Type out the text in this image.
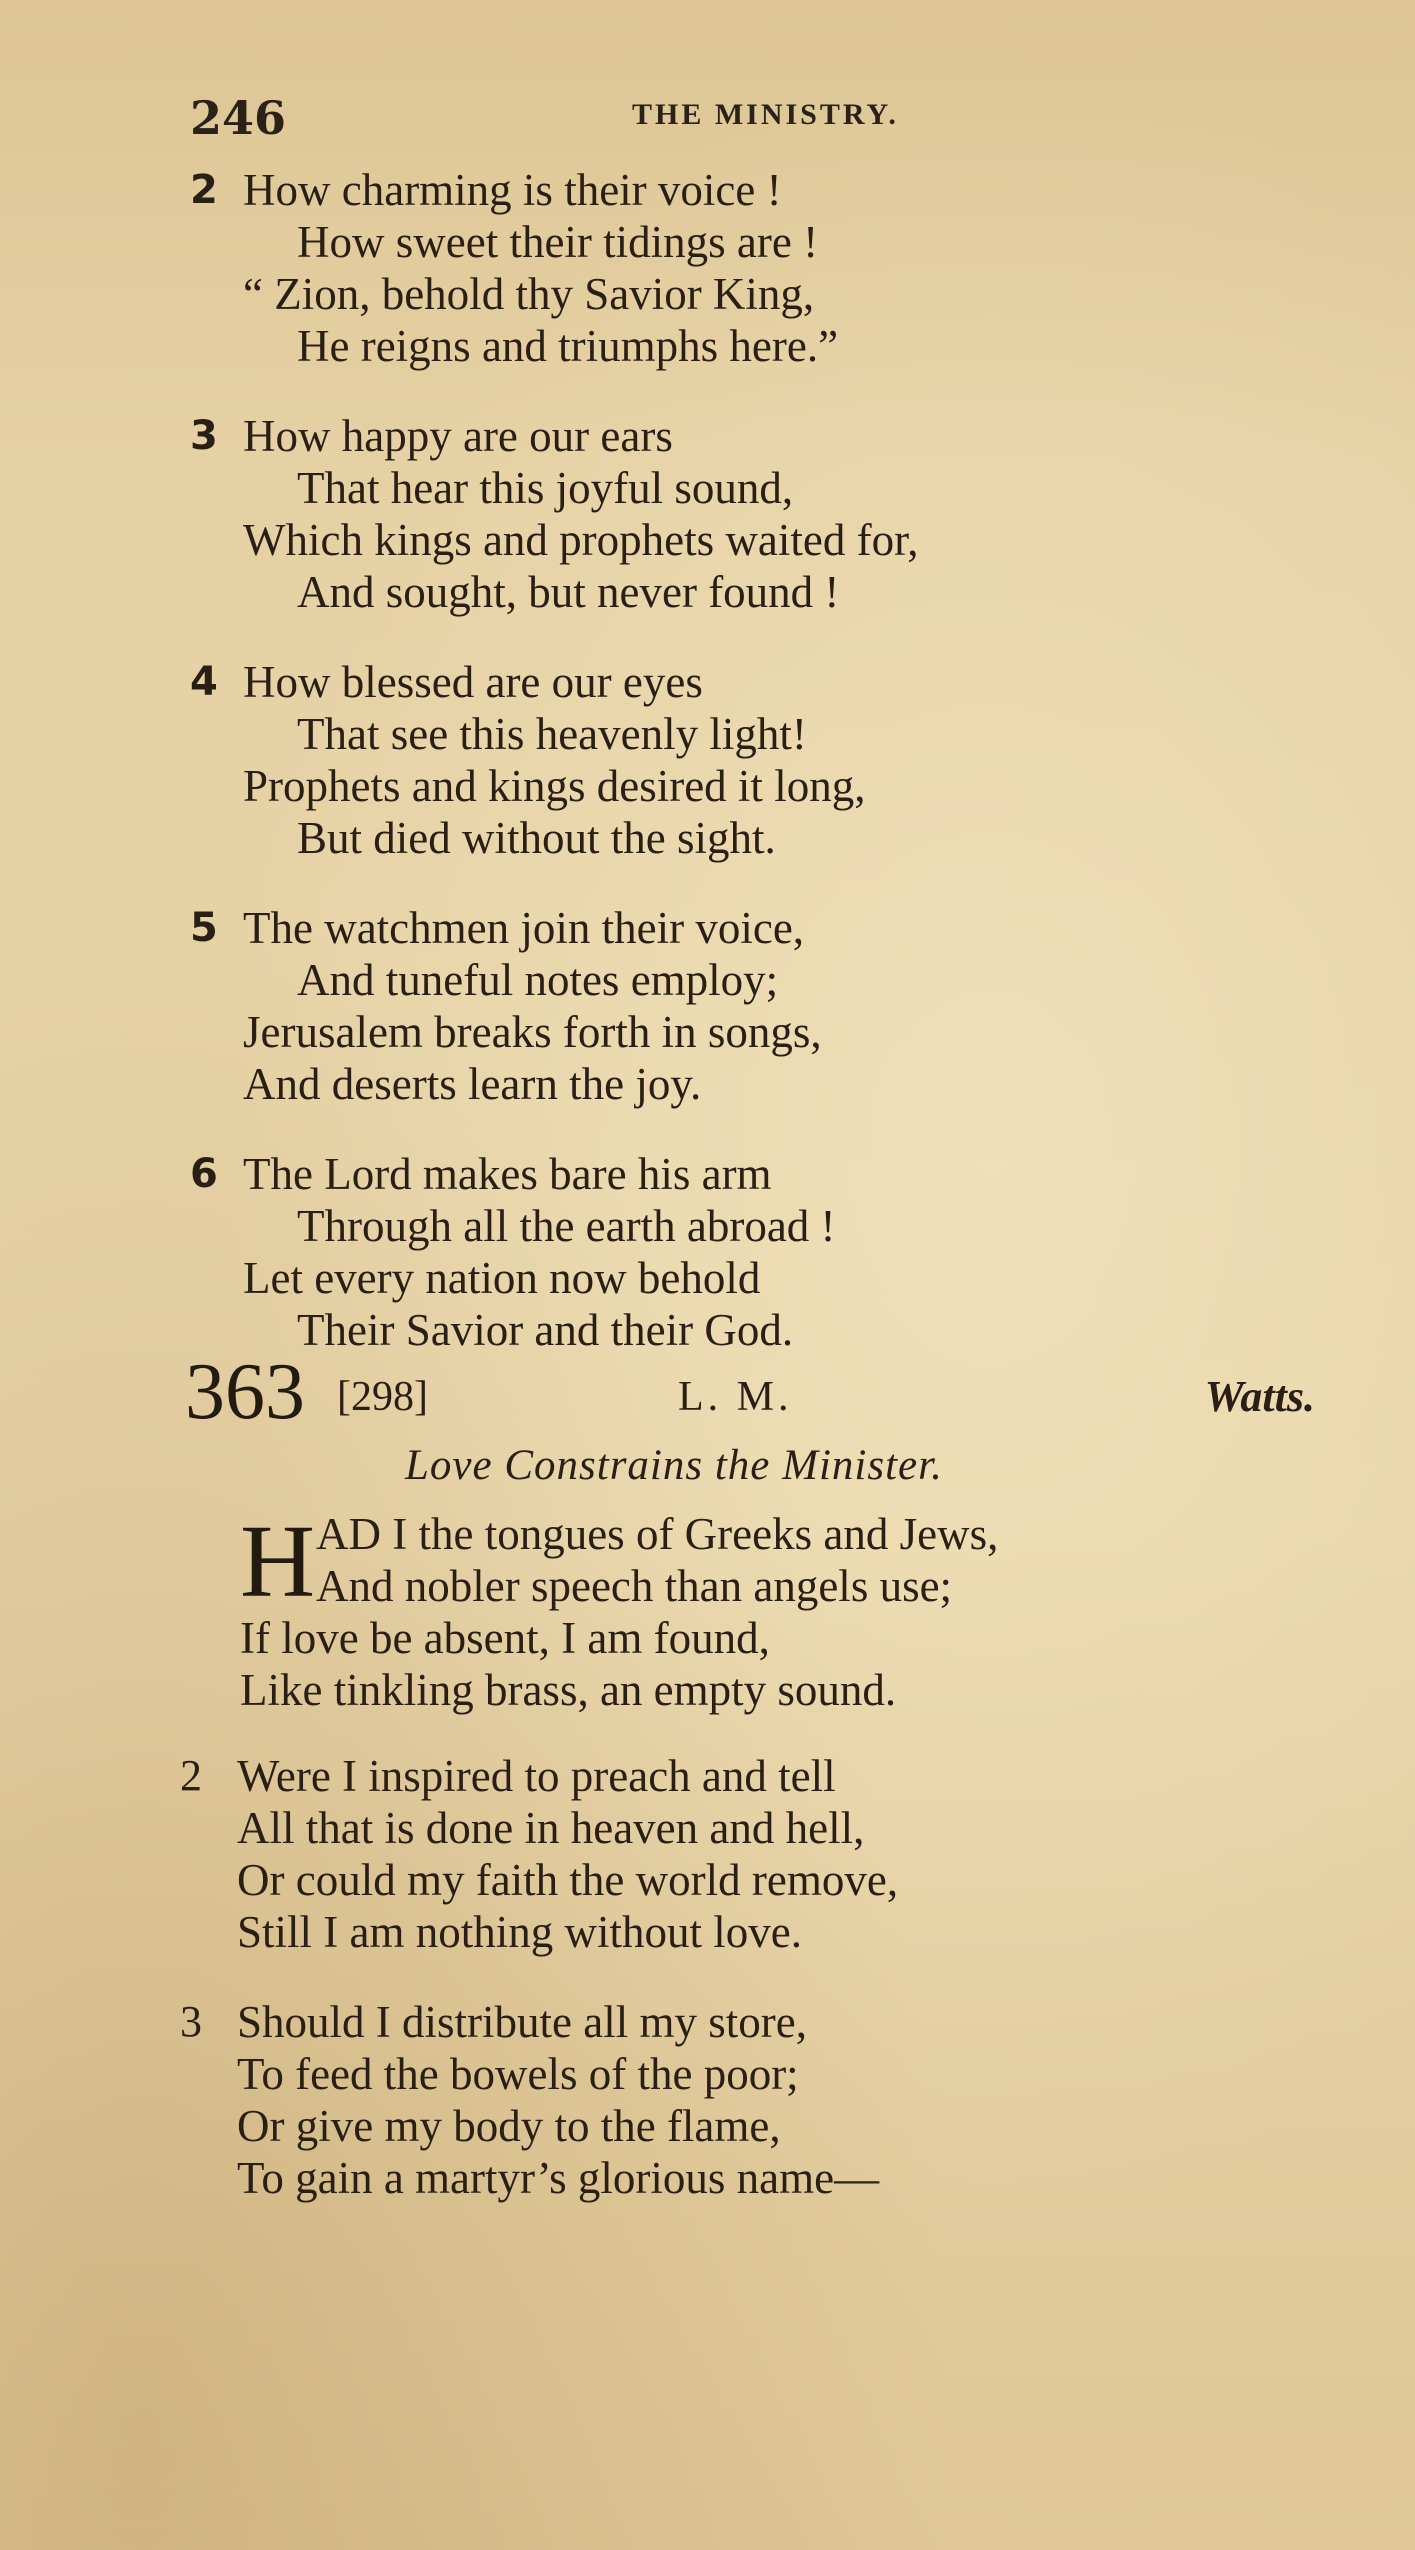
246	THE MINISTRY.
2 How charming is their voice !
How sweet their tidings are !
“ Zion, behold thy Savior King,
He reigns and triumphs here.”
3 How happy are our ears
That hear this joyful sound,
Which kings and prophets waited for,
And sought, but never found !
4 How blessed are our eyes
That see this heavenly light!
Prophets and kings desired it long,
But died without the sight.
5 The watchmen join their voice,
And tuneful notes employ;
Jerusalem breaks forth in songs,
And deserts learn the joy.
6 The Lord makes bare his arm
Through all the earth abroad !
Let every nation now behold
Their Savior and their God.
363 [298]	L. M.	Watts.
Love Constrains the Minister.
H AD I the tongues of Greeks and Jews,
And nobler speech than angels use;
If love be absent, I am found,
Like tinkling brass, an empty sound.
2 Were I inspired to preach and tell
All that is done in heaven and hell,
Or could my faith the world remove,
Still I am nothing without love.
3 Should I distribute all my store,
To feed the bowels of the poor;
Or give my body to the flame,
To gain a martyr’s glorious name—
